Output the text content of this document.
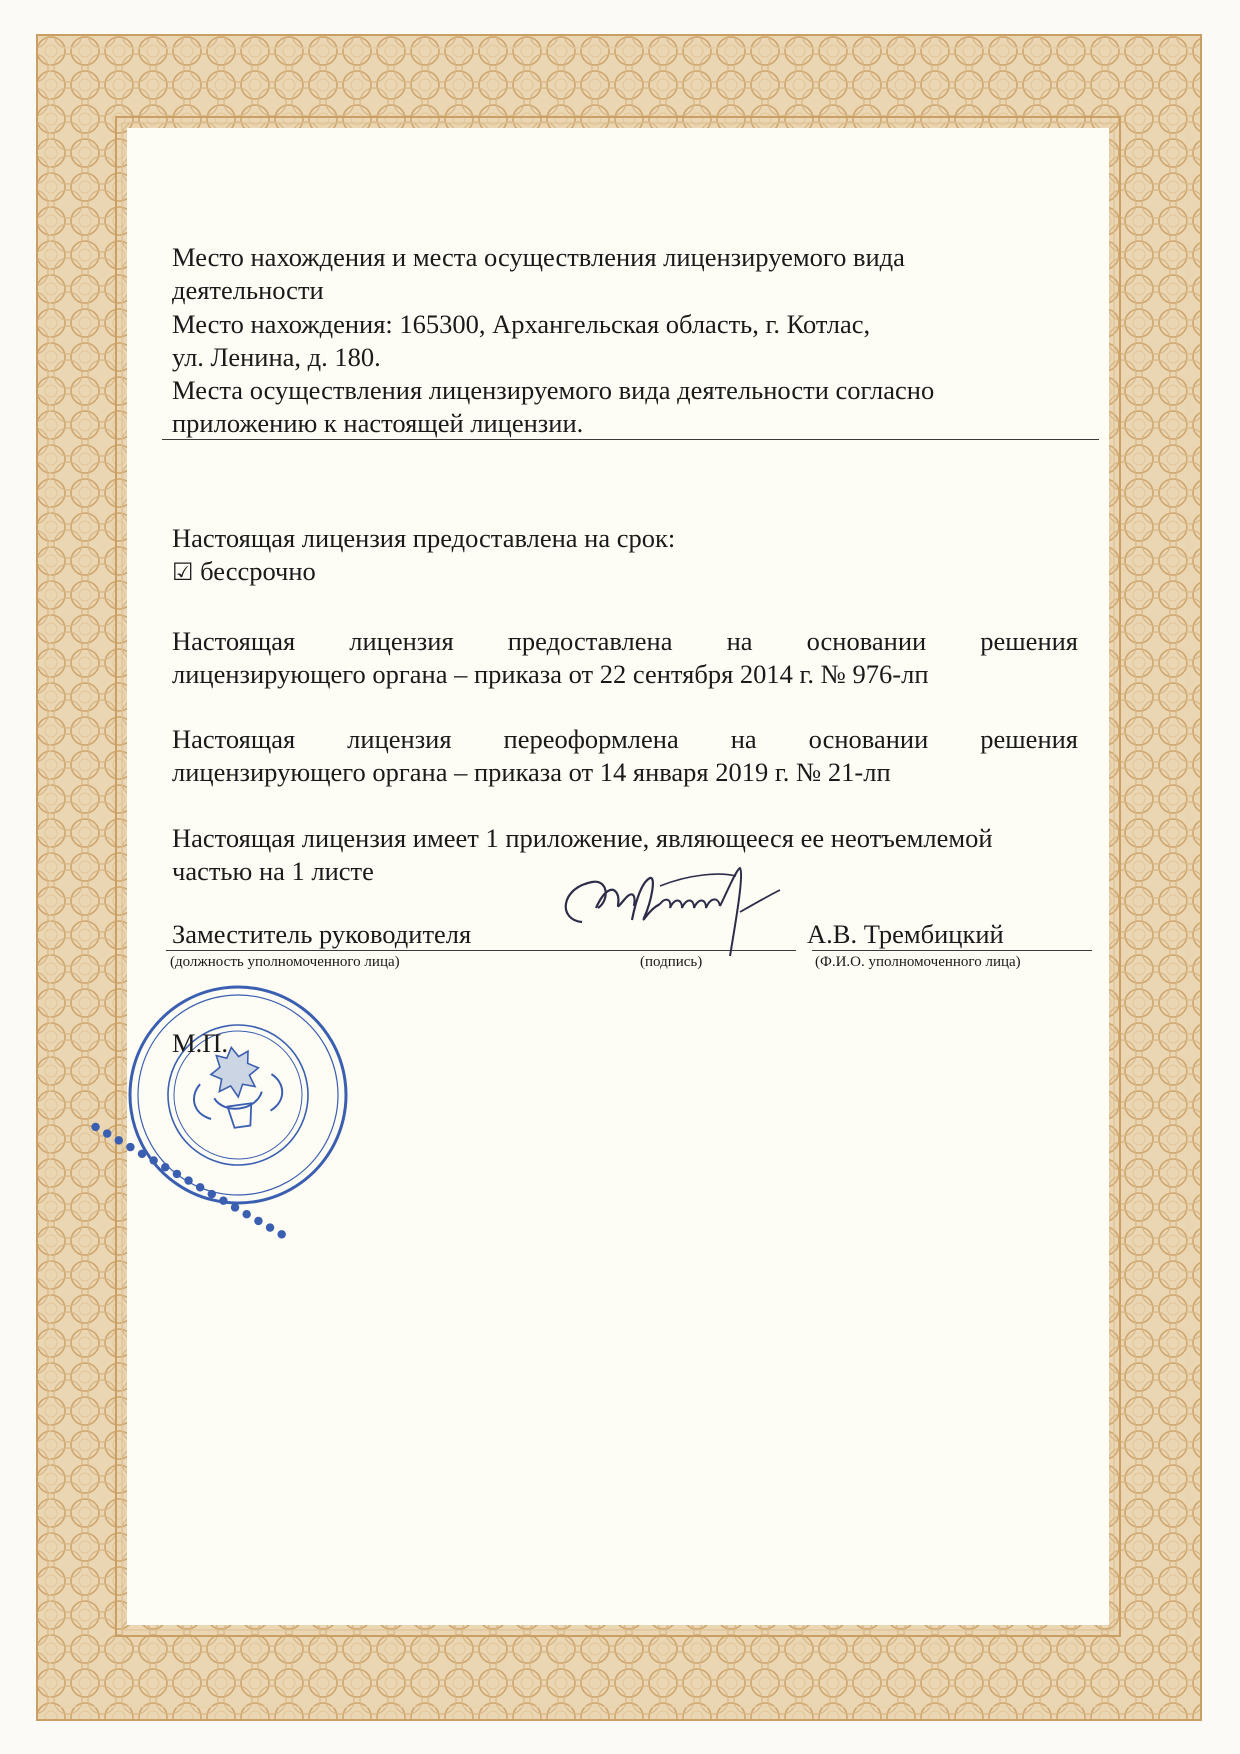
Место нахождения и места осуществления лицензируемого вида

деятельности

Место нахождения: 165300, Архангельская область, г. Котлас,

ул. Ленина, д. 180.

Места осуществления лицензируемого вида деятельности согласно

приложению к настоящей лицензии.

Настоящая лицензия предоставлена на срок:

☑ бессрочно

Настоящая лицензия предоставлена на основании решения

лицензирующего органа – приказа от 22 сентября 2014 г. № 976-лп

Настоящая лицензия переоформлена на основании решения

лицензирующего органа – приказа от 14 января 2019 г. № 21-лп

Настоящая лицензия имеет 1 приложение, являющееся ее неотъемлемой

частью на 1 листе

Заместитель руководителя	А.В. Трембицкий
(должность уполномоченного лица)	(подпись)	(Ф.И.О. уполномоченного лица)
● ● ● ● ● ● ● ● ● ● ● ● ● ● ● ● ●
М.П.
